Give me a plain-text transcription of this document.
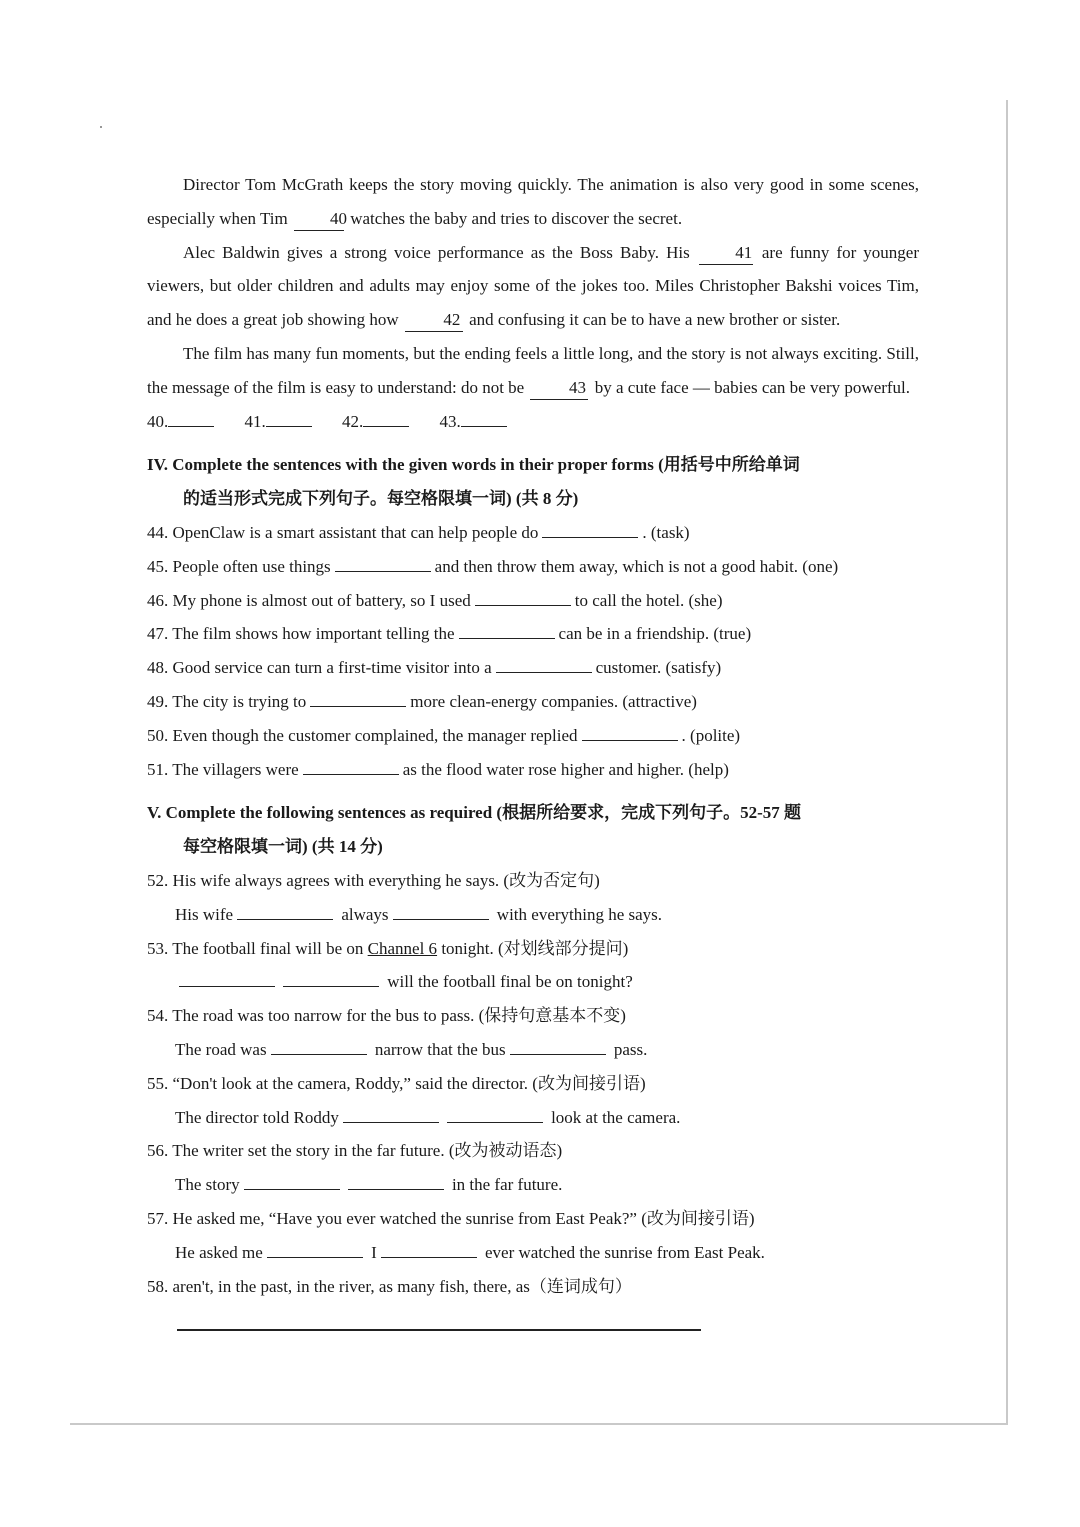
Director Tom McGrath keeps the story moving quickly. The animation is also very good in some scenes, especially when Tim 40 watches the baby and tries to discover the secret.

Alec Baldwin gives a strong voice performance as the Boss Baby. His	41 are funny for younger viewers, but older children and adults may enjoy some of the jokes too. Miles Christopher Bakshi voices Tim, and he does a great job showing how	42 and confusing it can be to have a new brother or sister.

The film has many fun moments, but the ending feels a little long, and the story is not always exciting. Still, the message of the film is easy to understand: do not be	43 by a cute face — babies can be very powerful.

40.	41.	42.	43.

IV. Complete the sentences with the given words in their proper forms (用括号中所给单词
的适当形式完成下列句子。每空格限填一词) (共 8 分)

44. OpenClaw is a smart assistant that can help people do	. (task)

45. People often use things	and then throw them away, which is not a good habit. (one)

46. My phone is almost out of battery, so I used	to call the hotel. (she)

47. The film shows how important telling the	can be in a friendship. (true)

48. Good service can turn a first-time visitor into a	customer. (satisfy)

49. The city is trying to	more clean-energy companies. (attractive)

50. Even though the customer complained, the manager replied	. (polite)

51. The villagers were	as the flood water rose higher and higher. (help)

V. Complete the following sentences as required (根据所给要求，完成下列句子。52-57 题
每空格限填一词) (共 14 分)

52. His wife always agrees with everything he says. (改为否定句)

His wife	always	with everything he says.

53. The football final will be on Channel 6 tonight. (对划线部分提问)

will the football final be on tonight?

54. The road was too narrow for the bus to pass. (保持句意基本不变)

The road was	narrow that the bus	pass.

55. “Don't look at the camera, Roddy,” said the director. (改为间接引语)

The director told Roddy	look at the camera.

56. The writer set the story in the far future. (改为被动语态)

The story	in the far future.

57. He asked me, “Have you ever watched the sunrise from East Peak?” (改为间接引语)

He asked me	I	ever watched the sunrise from East Peak.

58. aren't, in the past, in the river, as many fish, there, as（连词成句）
